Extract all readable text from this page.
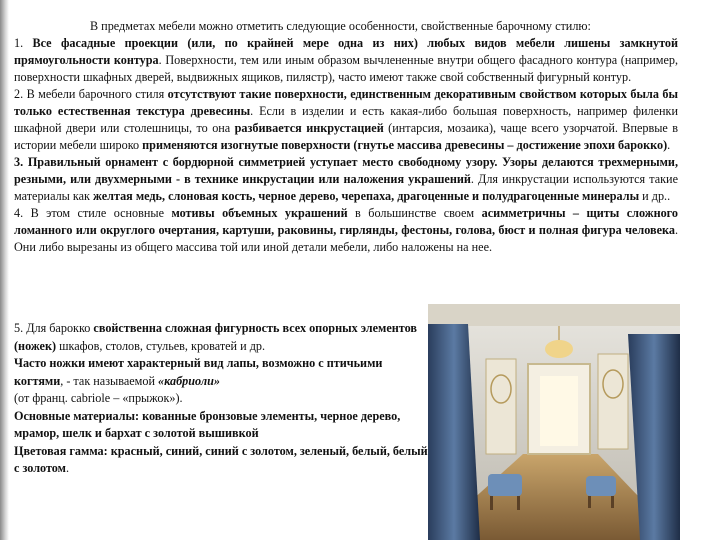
В предметах мебели можно отметить следующие особенности, свойственные барочному стилю:

1. Все фасадные проекции (или, по крайней мере одна из них) любых видов мебели лишены замкнутой прямоугольности контура. Поверхности, тем или иным образом вычлененные внутри общего фасадного контура (например, поверхности шкафных дверей, выдвижных ящиков, пилястр), часто имеют также свой собственный фигурный контур.

2. В мебели барочного стиля отсутствуют такие поверхности, единственным декоративным свойством которых была бы только естественная текстура древесины. Если в изделии и есть какая-либо большая поверхность, например филенки шкафной двери или столешницы, то она разбивается инкрустацией (интарсия, мозаика), чаще всего узорчатой. Впервые в истории мебели широко применяются изогнутые поверхности (гнутье массива древесины – достижение эпохи барокко).

3. Правильный орнамент с бордюрной симметрией уступает место свободному узору. Узоры делаются трехмерными, резными, или двухмерными - в технике инкрустации или наложения украшений. Для инкрустации используются такие материалы как желтая медь, слоновая кость, черное дерево, черепаха, драгоценные и полудрагоценные минералы и др..

4. В этом стиле основные мотивы объемных украшений в большинстве своем асимметричны – щиты сложного ломанного или округлого очертания, картуши, раковины, гирлянды, фестоны, голова, бюст и полная фигура человека. Они либо вырезаны из общего массива той или иной детали мебели, либо наложены на нее.

5. Для барокко свойственна сложная фигурность всех опорных элементов (ножек) шкафов, столов, стульев, кроватей и др.

Часто ножки имеют характерный вид лапы, возможно с птичьими когтями, - так называемой «кабриоли»

(от франц. cabriole – «прыжок»).

Основные материалы: кованные бронзовые элементы, черное дерево, мрамор, шелк и бархат с золотой вышивкой

Цветовая гамма: красный, синий, синий с золотом, зеленый, белый, белый с золотом.
